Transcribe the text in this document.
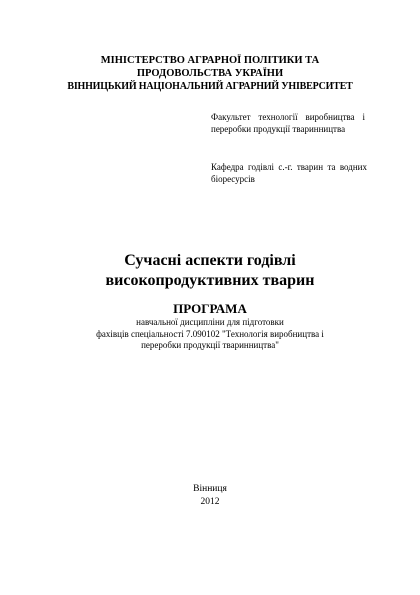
МІНІСТЕРСТВО АГРАРНОЇ ПОЛІТИКИ ТА
ПРОДОВОЛЬСТВА УКРАЇНИ
ВІННИЦЬКИЙ НАЦІОНАЛЬНИЙ АГРАРНИЙ УНІВЕРСИТЕТ
Факультет технології виробництва і переробки продукції тваринництва
Кафедра годівлі с.-г. тварин та водних біоресурсів
Сучасні аспекти годівлі
високопродуктивних тварин
ПРОГРАМА
навчальної дисципліни для підготовки
фахівців спеціальності 7.090102 "Технологія виробництва і
переробки продукції тваринництва"
Вінниця
2012
